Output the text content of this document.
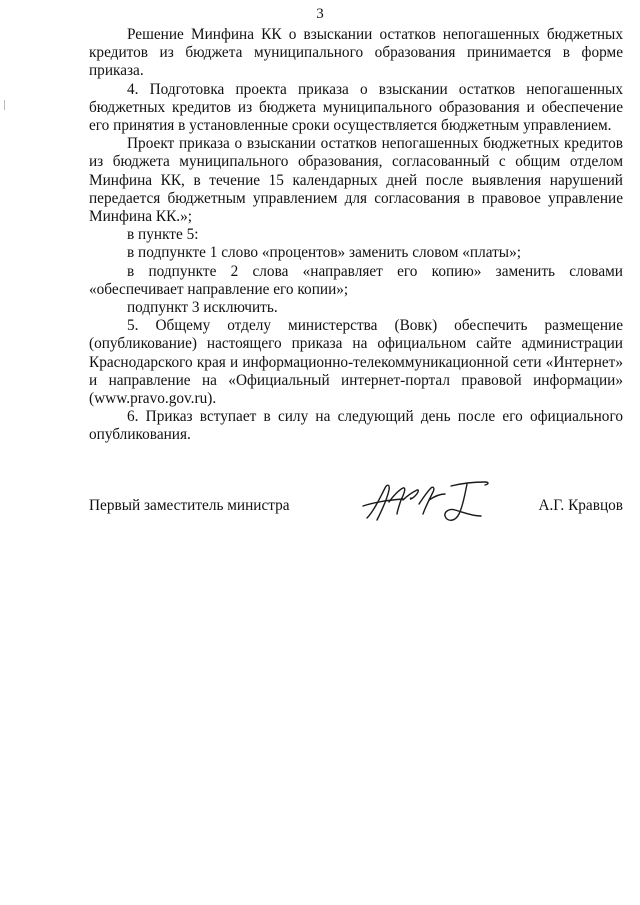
3

Решение Минфина КК о взыскании остатков непогашенных бюджетных кредитов из бюджета муниципального образования принимается в форме приказа.

4. Подготовка проекта приказа о взыскании остатков непогашенных бюджетных кредитов из бюджета муниципального образования и обеспечение его принятия в установленные сроки осуществляется бюджетным управлением.

Проект приказа о взыскании остатков непогашенных бюджетных кредитов из бюджета муниципального образования, согласованный с общим отделом Минфина КК, в течение 15 календарных дней после выявления нарушений передается бюджетным управлением для согласования в правовое управление Минфина КК.»;

в пункте 5:

в подпункте 1 слово «процентов» заменить словом «платы»;

в подпункте 2 слова «направляет его копию» заменить словами «обеспечивает направление его копии»;

подпункт 3 исключить.

5. Общему отделу министерства (Вовк) обеспечить размещение (опубликование) настоящего приказа на официальном сайте администрации Краснодарского края и информационно-телекоммуникационной сети «Интернет» и направление на «Официальный интернет-портал правовой информации» (www.pravo.gov.ru).

6. Приказ вступает в силу на следующий день после его официального опубликования.

Первый заместитель министра	А.Г. Кравцов
